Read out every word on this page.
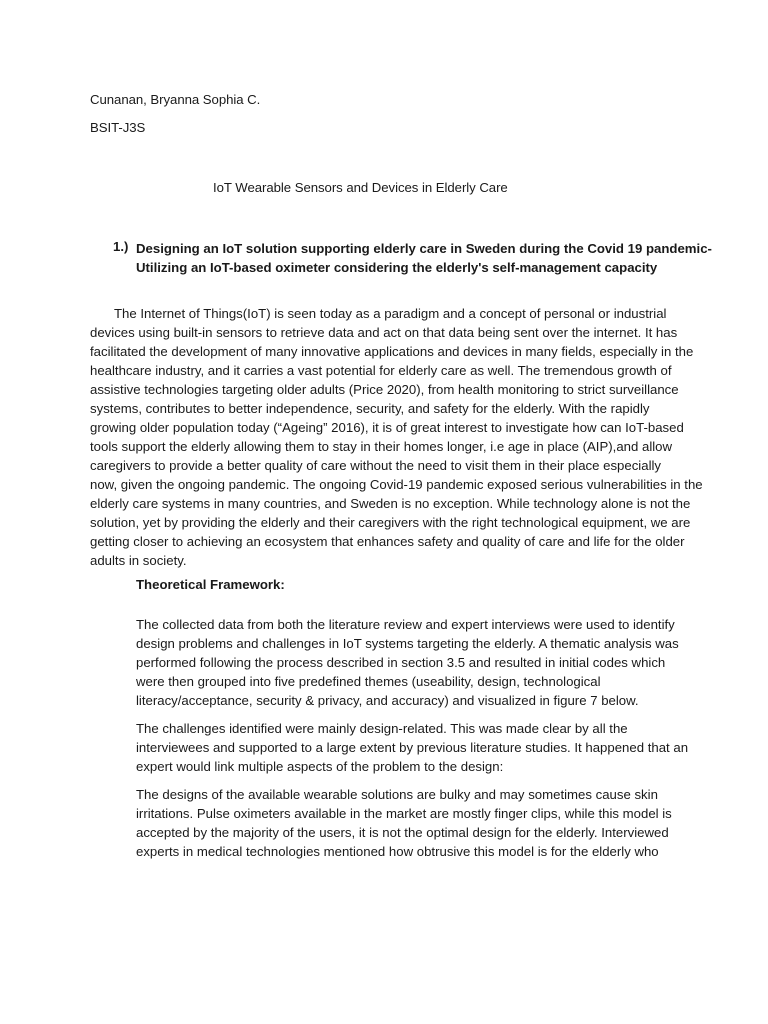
Cunanan, Bryanna Sophia C.
BSIT-J3S
IoT Wearable Sensors and Devices in Elderly Care
1.) Designing an IoT solution supporting elderly care in Sweden during the Covid 19 pandemic-
Utilizing an IoT-based oximeter considering the elderly's self-management capacity
The Internet of Things(IoT) is seen today as a paradigm and a concept of personal or industrial
devices using built-in sensors to retrieve data and act on that data being sent over the internet. It has
facilitated the development of many innovative applications and devices in many fields, especially in the
healthcare industry, and it carries a vast potential for elderly care as well. The tremendous growth of
assistive technologies targeting older adults (Price 2020), from health monitoring to strict surveillance
systems, contributes to better independence, security, and safety for the elderly. With the rapidly
growing older population today (“Ageing” 2016), it is of great interest to investigate how can IoT-based
tools support the elderly allowing them to stay in their homes longer, i.e age in place (AIP),and allow
caregivers to provide a better quality of care without the need to visit them in their place especially
now, given the ongoing pandemic. The ongoing Covid-19 pandemic exposed serious vulnerabilities in the
elderly care systems in many countries, and Sweden is no exception. While technology alone is not the
solution, yet by providing the elderly and their caregivers with the right technological equipment, we are
getting closer to achieving an ecosystem that enhances safety and quality of care and life for the older
adults in society.
Theoretical Framework:
The collected data from both the literature review and expert interviews were used to identify
design problems and challenges in IoT systems targeting the elderly. A thematic analysis was
performed following the process described in section 3.5 and resulted in initial codes which
were then grouped into five predefined themes (useability, design, technological
literacy/acceptance, security & privacy, and accuracy) and visualized in figure 7 below.
The challenges identified were mainly design-related. This was made clear by all the
interviewees and supported to a large extent by previous literature studies. It happened that an
expert would link multiple aspects of the problem to the design:
The designs of the available wearable solutions are bulky and may sometimes cause skin
irritations. Pulse oximeters available in the market are mostly finger clips, while this model is
accepted by the majority of the users, it is not the optimal design for the elderly. Interviewed
experts in medical technologies mentioned how obtrusive this model is for the elderly who
